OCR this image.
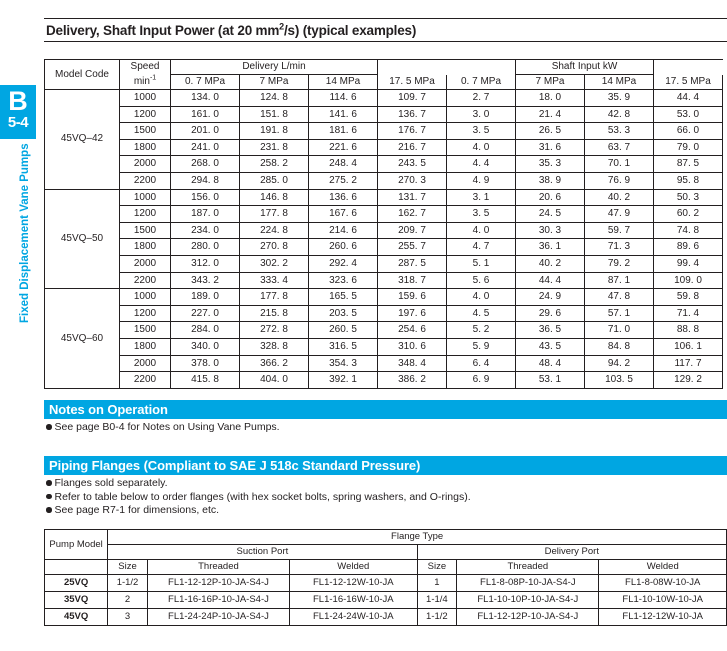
B
5-4
Fixed Displacement Vane Pumps
Delivery, Shaft Input Power (at 20 $mm^2/s$) (typical examples)
Model Code	Speed	Delivery L/min					Shaft Input kW		
	$\min^{-1}$	0. 7 MPa	7 MPa	14 MPa	17. 5 MPa	0. 7 MPa	7 MPa	14 MPa	17. 5 MPa
45VQ–42	1000	134. 0	124. 8	114. 6	109. 7	2. 7	18. 0	35. 9	44. 4
	1200	161. 0	151. 8	141. 6	136. 7	3. 0	21. 4	42. 8	53. 0
	1500	201. 0	191. 8	181. 6	176. 7	3. 5	26. 5	53. 3	66. 0
	1800	241. 0	231. 8	221. 6	216. 7	4. 0	31. 6	63. 7	79. 0
	2000	268. 0	258. 2	248. 4	243. 5	4. 4	35. 3	70. 1	87. 5
	2200	294. 8	285. 0	275. 2	270. 3	4. 9	38. 9	76. 9	95. 8
45VQ–50	1000	156. 0	146. 8	136. 6	131. 7	3. 1	20. 6	40. 2	50. 3
	1200	187. 0	177. 8	167. 6	162. 7	3. 5	24. 5	47. 9	60. 2
	1500	234. 0	224. 8	214. 6	209. 7	4. 0	30. 3	59. 7	74. 8
	1800	280. 0	270. 8	260. 6	255. 7	4. 7	36. 1	71. 3	89. 6
	2000	312. 0	302. 2	292. 4	287. 5	5. 1	40. 2	79. 2	99. 4
	2200	343. 2	333. 4	323. 6	318. 7	5. 6	44. 4	87. 1	109. 0
45VQ–60	1000	189. 0	177. 8	165. 5	159. 6	4. 0	24. 9	47. 8	59. 8
	1200	227. 0	215. 8	203. 5	197. 6	4. 5	29. 6	57. 1	71. 4
	1500	284. 0	272. 8	260. 5	254. 6	5. 2	36. 5	71. 0	88. 8
	1800	340. 0	328. 8	316. 5	310. 6	5. 9	43. 5	84. 8	106. 1
	2000	378. 0	366. 2	354. 3	348. 4	6. 4	48. 4	94. 2	117. 7
	2200	415. 8	404. 0	392. 1	386. 2	6. 9	53. 1	103. 5	129. 2
Notes on Operation
See page B0-4 for Notes on Using Vane Pumps.
Piping Flanges (Compliant to SAE J 518c Standard Pressure)
Flanges sold separately.
Refer to table below to order flanges (with hex socket bolts, spring washers, and O-rings).
See page R7-1 for dimensions, etc.
Pump Model	Flange Type					
	Suction Port			Delivery Port		
	Size	Threaded	Welded	Size	Threaded	Welded
25VQ	1-1/2	FL1-12-12P-10-JA-S4-J	FL1-12-12W-10-JA	1	FL1-8-08P-10-JA-S4-J	FL1-8-08W-10-JA
35VQ	2	FL1-16-16P-10-JA-S4-J	FL1-16-16W-10-JA	1-1/4	FL1-10-10P-10-JA-S4-J	FL1-10-10W-10-JA
45VQ	3	FL1-24-24P-10-JA-S4-J	FL1-24-24W-10-JA	1-1/2	FL1-12-12P-10-JA-S4-J	FL1-12-12W-10-JA
